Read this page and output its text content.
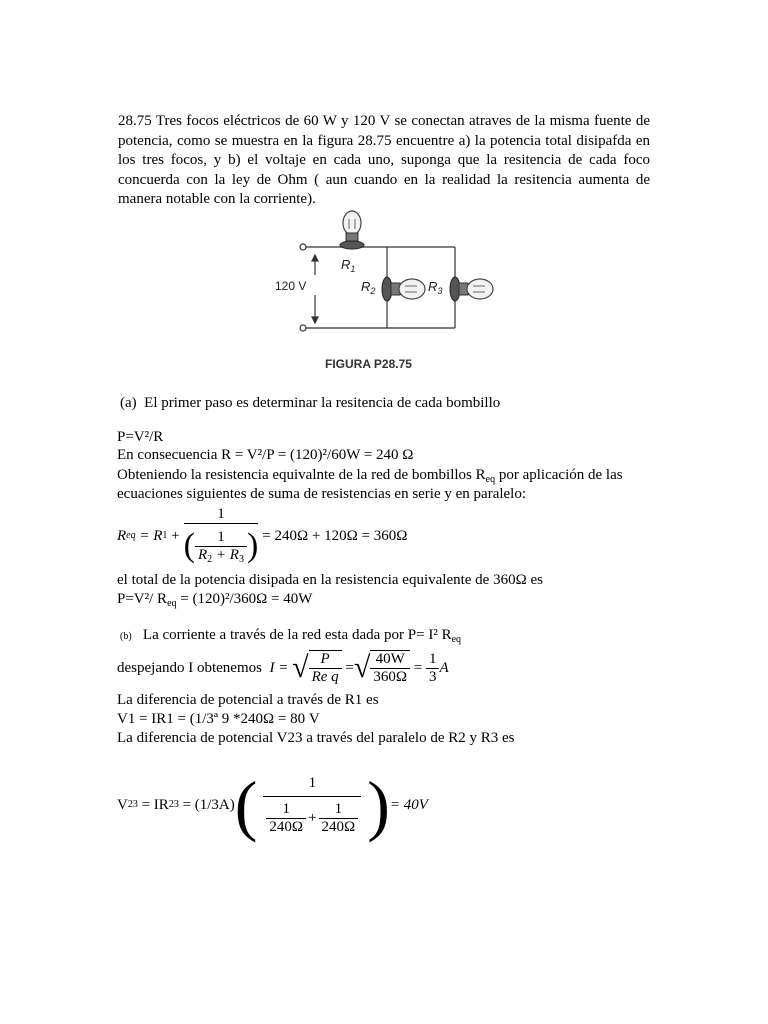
28.75 Tres focos eléctricos de 60 W y 120 V se conectan atraves de la misma fuente de potencia, como se muestra en la figura 28.75 encuentre a) la potencia total disipafda en los tres focos, y b) el voltaje en cada uno, suponga que la resitencia de cada foco concuerda con la ley de Ohm ( aun cuando en la realidad la resitencia aumenta de manera notable con la corriente).
120 V
$R_1$
$R_2$	$R_3$
FIGURA P28.75
(a) El primer paso es determinar la resitencia de cada bombillo
P=V²/R
En consecuencia R = V²/P = (120)²/60W = 240 Ω
Obteniendo la resistencia equivalnte de la red de bombillos $R_{eq}$ por aplicación de las
ecuaciones siguientes de suma de resistencias en serie y en paralelo:
R eq
= R 1
+ $\frac{1}{( \frac{1}{R_2 + R_3} )} = 240\Omega + 120\Omega = 360\Omega$
el total de la potencia disipada en la resistencia equivalente de 360Ω es
P=V²/ $R_{eq} = (120)^2/360\Omega = 40W$
(b) La corriente a través de la red esta dada por P= I² $R_{eq}$
despejando I obtenemos
I =
√ $\frac{P}{\text{Re q}}$
= √ $\frac{40W}{360\Omega}$
=
$\frac{1}{3}$ A
La diferencia de potencial a través de R1 es
V1 = IR1 = (1/3ª 9 *240Ω = 80 V
La diferencia de potencial V23 a través del paralelo de R2 y R3 es
V 23
= IR 23
= (1/3A) ( $\frac{1}{\frac{1}{240\Omega} + \frac{1}{240\Omega}}$ ) = 40V
